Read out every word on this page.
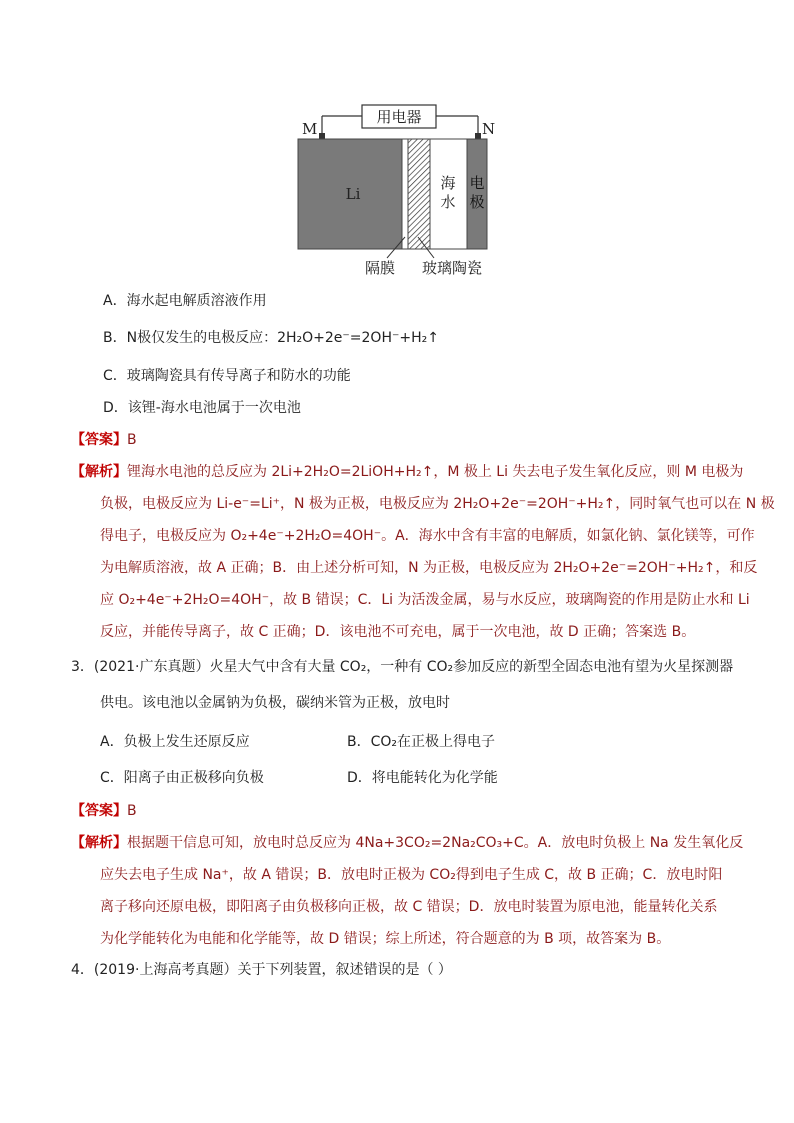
用电器
M	N
Li
海
水
电
极
隔膜 玻璃陶瓷
A．海水起电解质溶液作用
B．N极仅发生的电极反应：2H₂O+2e⁻=2OH⁻+H₂↑
C．玻璃陶瓷具有传导离子和防水的功能
D．该锂-海水电池属于一次电池
【答案】B
【解析】锂海水电池的总反应为 2Li+2H₂O=2LiOH+H₂↑，M 极上 Li 失去电子发生氧化反应，则 M 电极为
负极，电极反应为 Li-e⁻=Li⁺，N 极为正极，电极反应为 2H₂O+2e⁻=2OH⁻+H₂↑，同时氧气也可以在 N 极
得电子，电极反应为 O₂+4e⁻+2H₂O=4OH⁻。A．海水中含有丰富的电解质，如氯化钠、氯化镁等，可作
为电解质溶液，故 A 正确；B．由上述分析可知，N 为正极，电极反应为 2H₂O+2e⁻=2OH⁻+H₂↑，和反
应 O₂+4e⁻+2H₂O=4OH⁻，故 B 错误；C．Li 为活泼金属，易与水反应，玻璃陶瓷的作用是防止水和 Li
反应，并能传导离子，故 C 正确；D．该电池不可充电，属于一次电池，故 D 正确；答案选 B。
3．(2021·广东真题）火星大气中含有大量 CO₂，一种有 CO₂参加反应的新型全固态电池有望为火星探测器
供电。该电池以金属钠为负极，碳纳米管为正极，放电时
A．负极上发生还原反应	B．CO₂在正极上得电子
C．阳离子由正极移向负极	D．将电能转化为化学能
【答案】B
【解析】根据题干信息可知，放电时总反应为 4Na+3CO₂=2Na₂CO₃+C。A．放电时负极上 Na 发生氧化反
应失去电子生成 Na⁺，故 A 错误；B．放电时正极为 CO₂得到电子生成 C，故 B 正确；C．放电时阳
离子移向还原电极，即阳离子由负极移向正极，故 C 错误；D．放电时装置为原电池，能量转化关系
为化学能转化为电能和化学能等，故 D 错误；综上所述，符合题意的为 B 项，故答案为 B。
4．(2019·上海高考真题）关于下列装置，叙述错误的是（ ）
